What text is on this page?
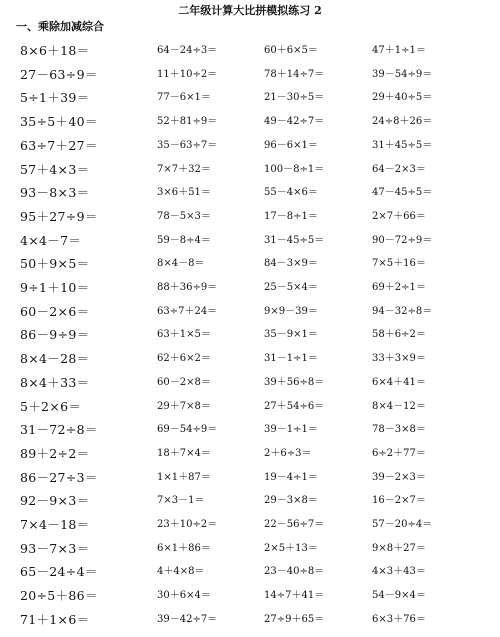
二年级计算大比拼模拟练习 2
一、乘除加减综合
8×6＋18＝	64－24÷3＝	60＋6×5＝	47＋1÷1＝
27－63÷9＝	11＋10÷2＝	78＋14÷7＝	39－54÷9＝
5÷1＋39＝	77－6×1＝	21－30÷5＝	29＋40÷5＝
35÷5＋40＝	52＋81÷9＝	49－42÷7＝	24÷8＋26＝
63÷7＋27＝	35－63÷7＝	96－6×1＝	31＋45÷5＝
57＋4×3＝	7×7＋32＝	100－8÷1＝	64－2×3＝
93－8×3＝	3×6＋51＝	55－4×6＝	47－45÷5＝
95＋27÷9＝	78－5×3＝	17－8÷1＝	2×7＋66＝
4×4－7＝	59－8÷4＝	31－45÷5＝	90－72÷9＝
50＋9×5＝	8×4－8＝	84－3×9＝	7×5＋16＝
9÷1＋10＝	88＋36÷9＝	25－5×4＝	69＋2÷1＝
60－2×6＝	63÷7＋24＝	9×9－39＝	94－32÷8＝
86－9÷9＝	63＋1×5＝	35－9×1＝	58＋6÷2＝
8×4－28＝	62＋6×2＝	31－1÷1＝	33＋3×9＝
8×4＋33＝	60－2×8＝	39＋56÷8＝	6×4＋41＝
5＋2×6＝	29＋7×8＝	27＋54÷6＝	8×4－12＝
31－72÷8＝	69－54÷9＝	39－1÷1＝	78－3×8＝
89＋2÷2＝	18＋7×4＝	2＋6÷3＝	6÷2＋77＝
86－27÷3＝	1×1＋87＝	19－4÷1＝	39－2×3＝
92－9×3＝	7×3－1＝	29－3×8＝	16－2×7＝
7×4－18＝	23＋10÷2＝	22－56÷7＝	57－20÷4＝
93－7×3＝	6×1＋86＝	2×5＋13＝	9×8＋27＝
65－24÷4＝	4＋4×8＝	23－40÷8＝	4×3＋43＝
20÷5＋86＝	30＋6×4＝	14÷7＋41＝	54－9×4＝
71＋1×6＝	39－42÷7＝	27÷9＋65＝	6×3＋76＝
